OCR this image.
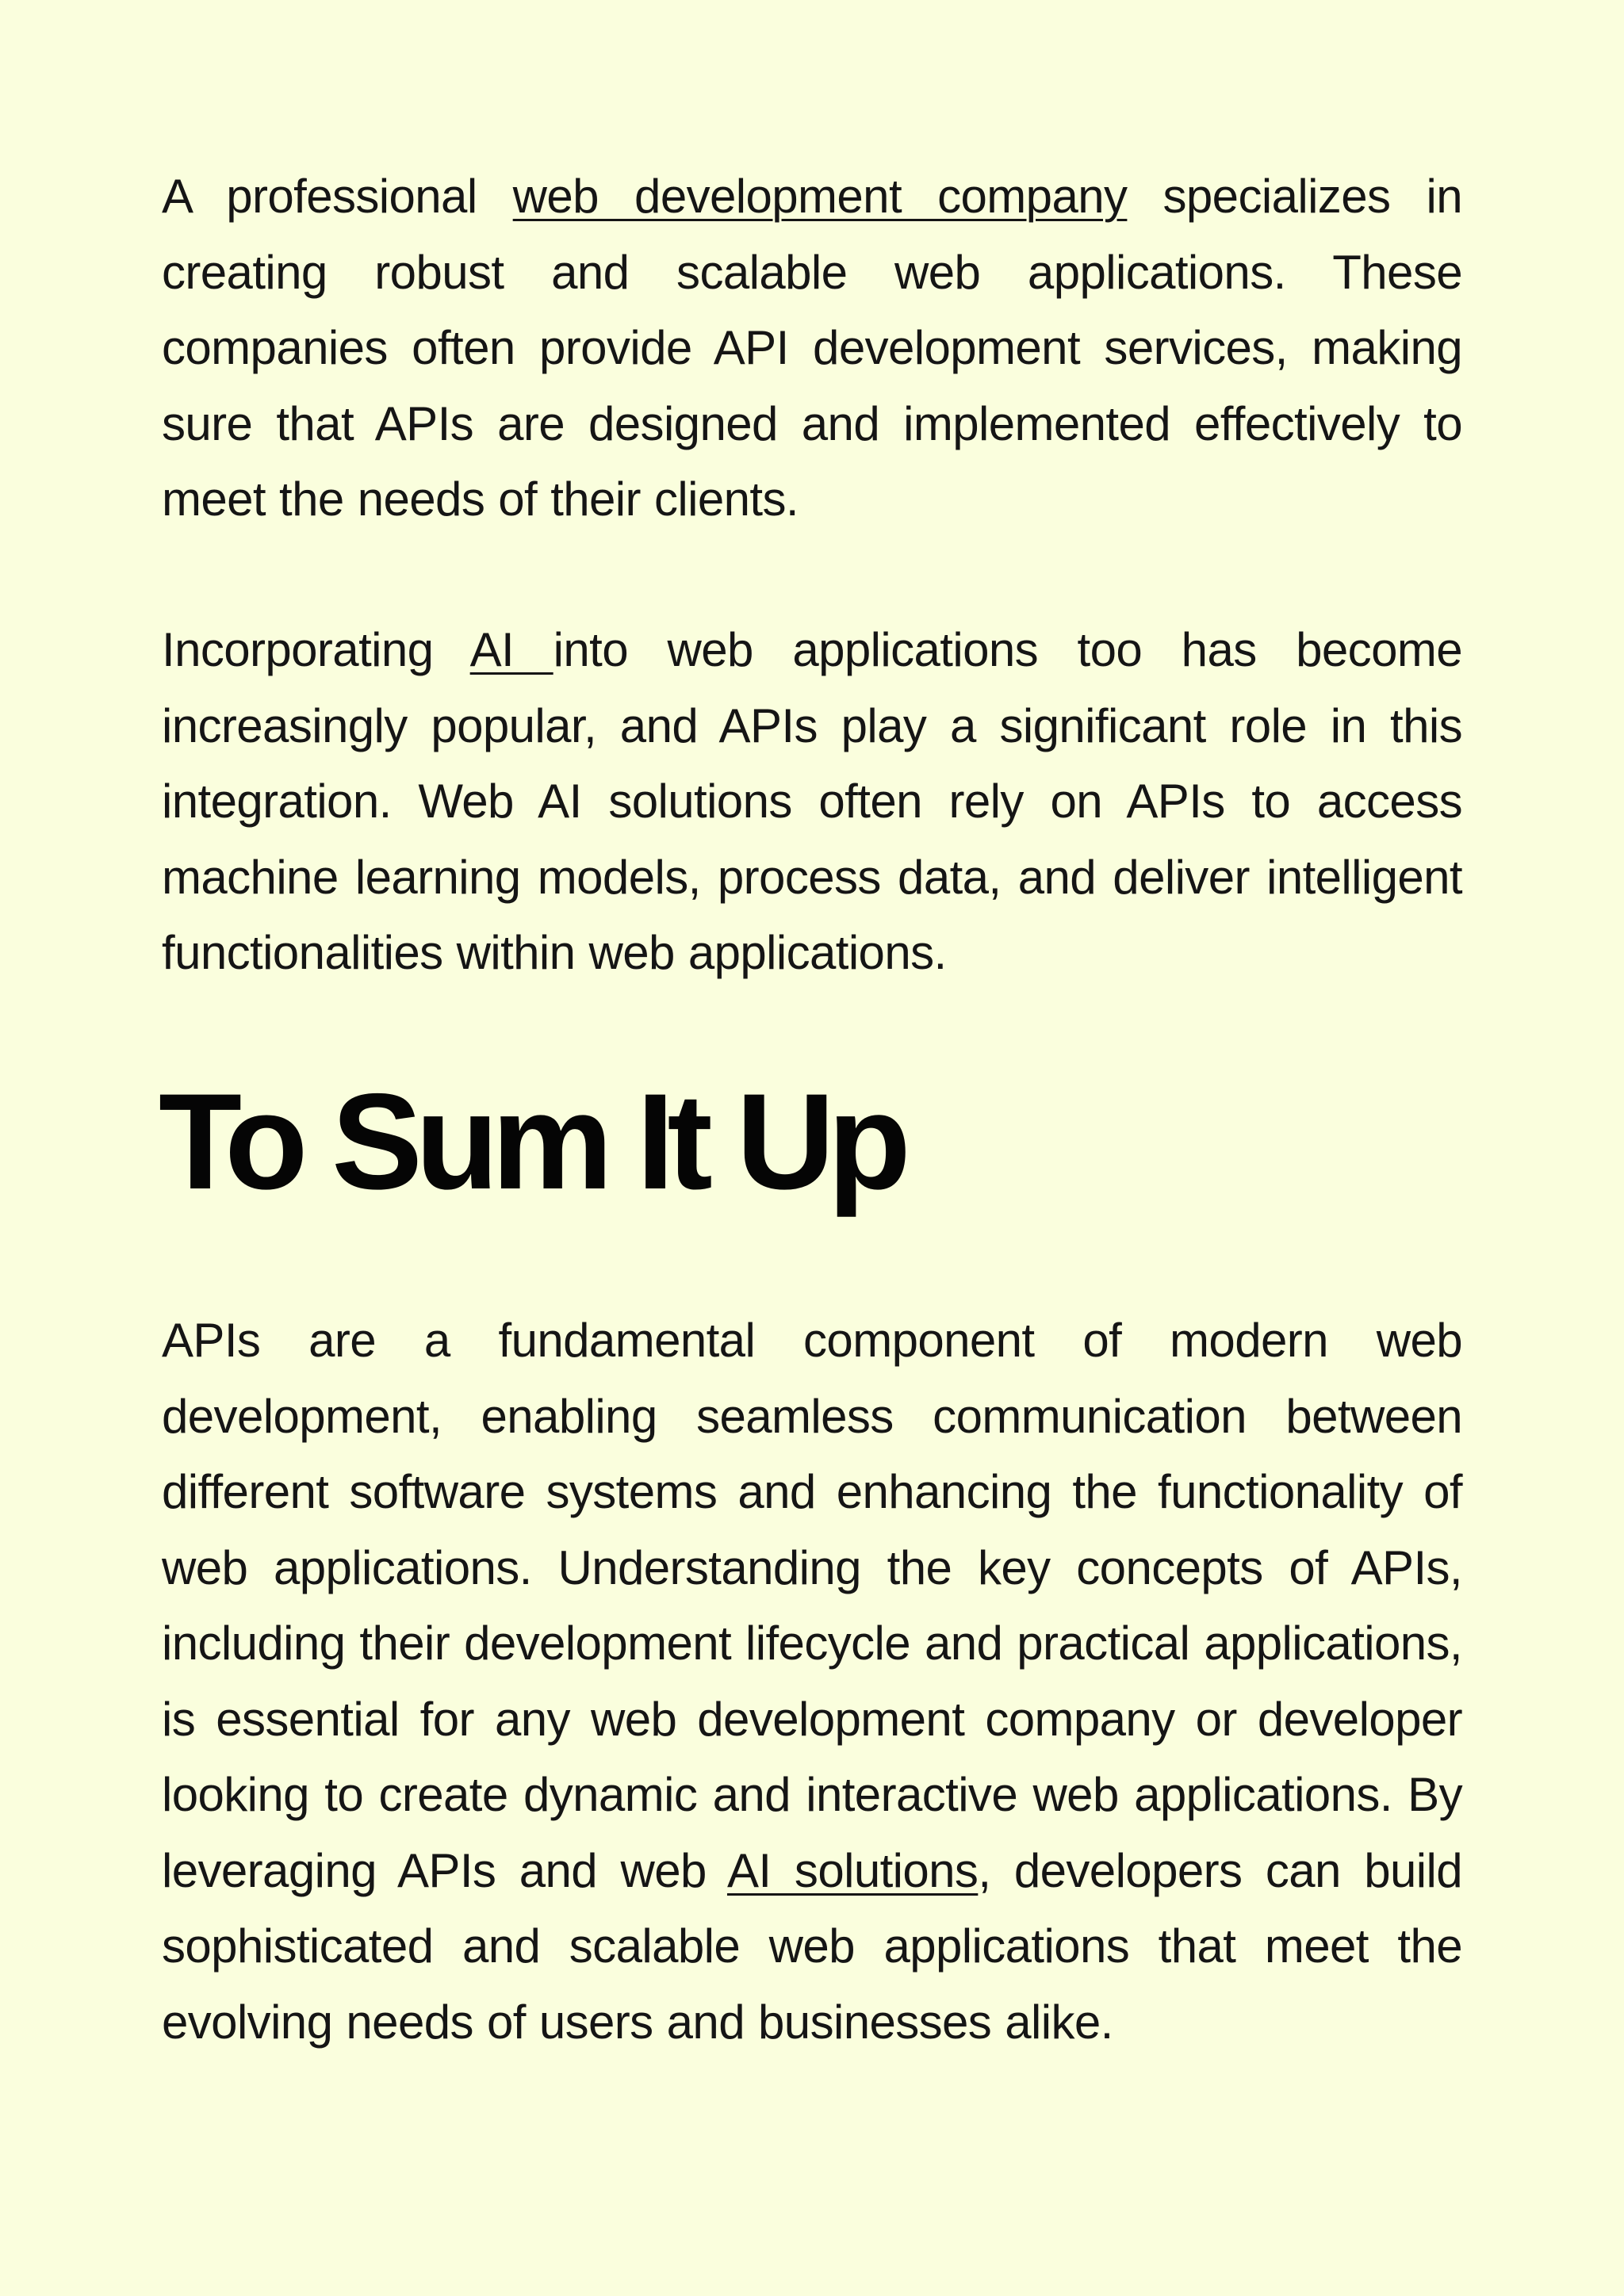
A professional web development company specializes in creating robust and scalable web applications. These companies often provide API development services, making sure that APIs are designed and implemented effectively to meet the needs of their clients.

Incorporating AI into web applications too has become increasingly popular, and APIs play a significant role in this integration. Web AI solutions often rely on APIs to access machine learning models, process data, and deliver intelligent functionalities within web applications.

To Sum It Up

APIs are a fundamental component of modern web development, enabling seamless communication between different software systems and enhancing the functionality of web applications. Understanding the key concepts of APIs, including their development lifecycle and practical applications, is essential for any web development company or developer looking to create dynamic and interactive web applications. By leveraging APIs and web AI solutions, developers can build sophisticated and scalable web applications that meet the evolving needs of users and businesses alike.
